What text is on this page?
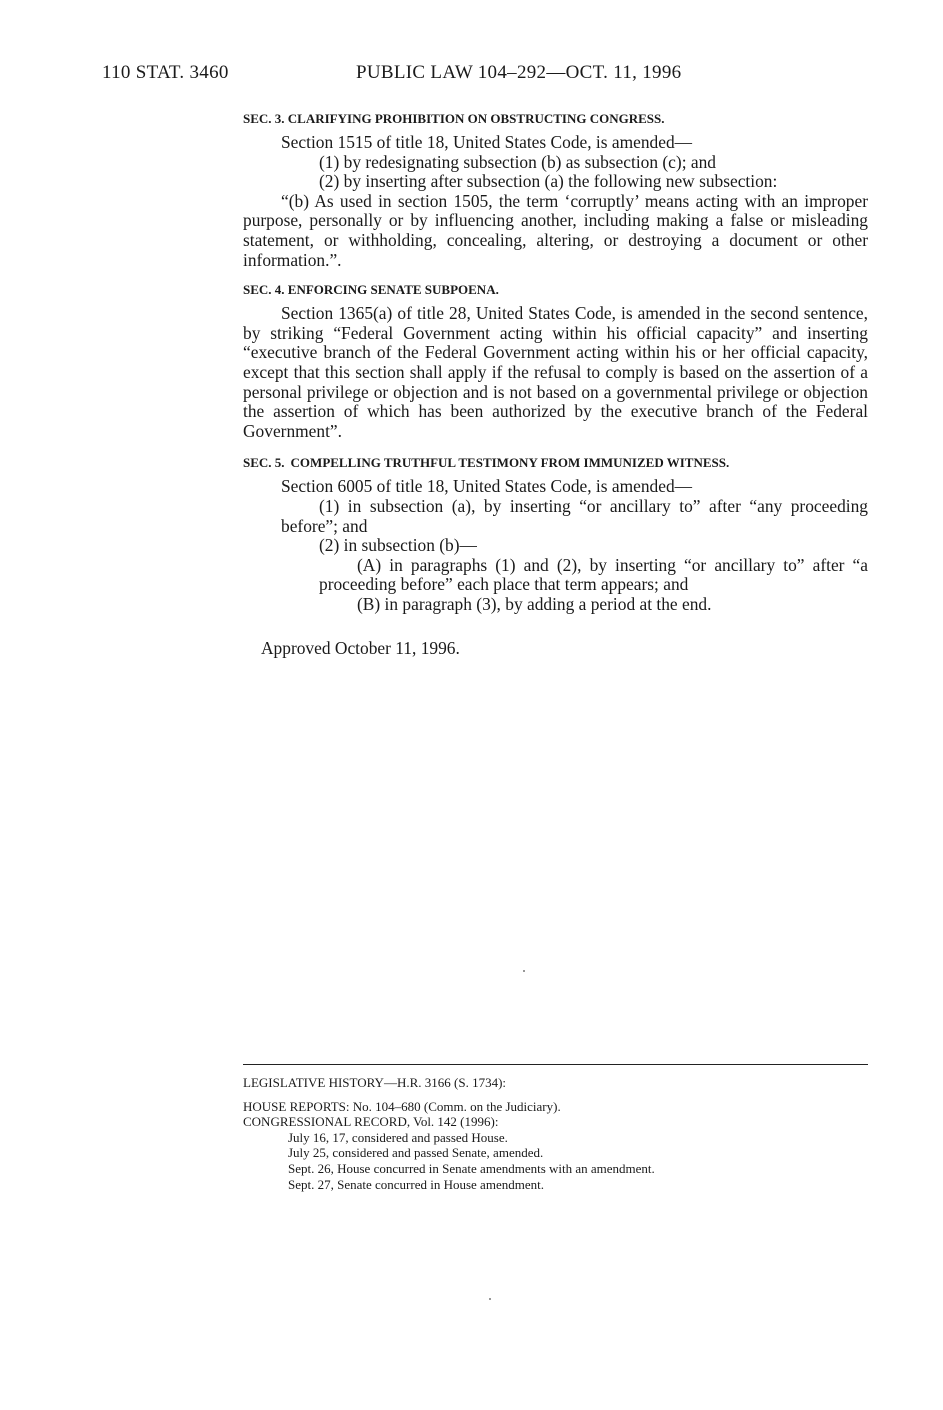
110 STAT. 3460	PUBLIC LAW 104–292—OCT. 11, 1996
SEC. 3. CLARIFYING PROHIBITION ON OBSTRUCTING CONGRESS.

Section 1515 of title 18, United States Code, is amended—

(1) by redesignating subsection (b) as subsection (c); and

(2) by inserting after subsection (a) the following new subsection:

“(b) As used in section 1505, the term ‘corruptly’ means acting with an improper purpose, personally or by influencing another, including making a false or misleading statement, or withholding, concealing, altering, or destroying a document or other information.”.

SEC. 4. ENFORCING SENATE SUBPOENA.

Section 1365(a) of title 28, United States Code, is amended in the second sentence, by striking “Federal Government acting within his official capacity” and inserting “executive branch of the Federal Government acting within his or her official capacity, except that this section shall apply if the refusal to comply is based on the assertion of a personal privilege or objection and is not based on a governmental privilege or objection the assertion of which has been authorized by the executive branch of the Federal Government”.

SEC. 5. COMPELLING TRUTHFUL TESTIMONY FROM IMMUNIZED WITNESS.

Section 6005 of title 18, United States Code, is amended—

(1) in subsection (a), by inserting “or ancillary to” after “any proceeding before”; and

(2) in subsection (b)—

(A) in paragraphs (1) and (2), by inserting “or ancillary to” after “a proceeding before” each place that term appears; and

(B) in paragraph (3), by adding a period at the end.

Approved October 11, 1996.

LEGISLATIVE HISTORY—H.R. 3166 (S. 1734):
HOUSE REPORTS: No. 104–680 (Comm. on the Judiciary).
CONGRESSIONAL RECORD, Vol. 142 (1996):
July 16, 17, considered and passed House.
July 25, considered and passed Senate, amended.
Sept. 26, House concurred in Senate amendments with an amendment.
Sept. 27, Senate concurred in House amendment.
